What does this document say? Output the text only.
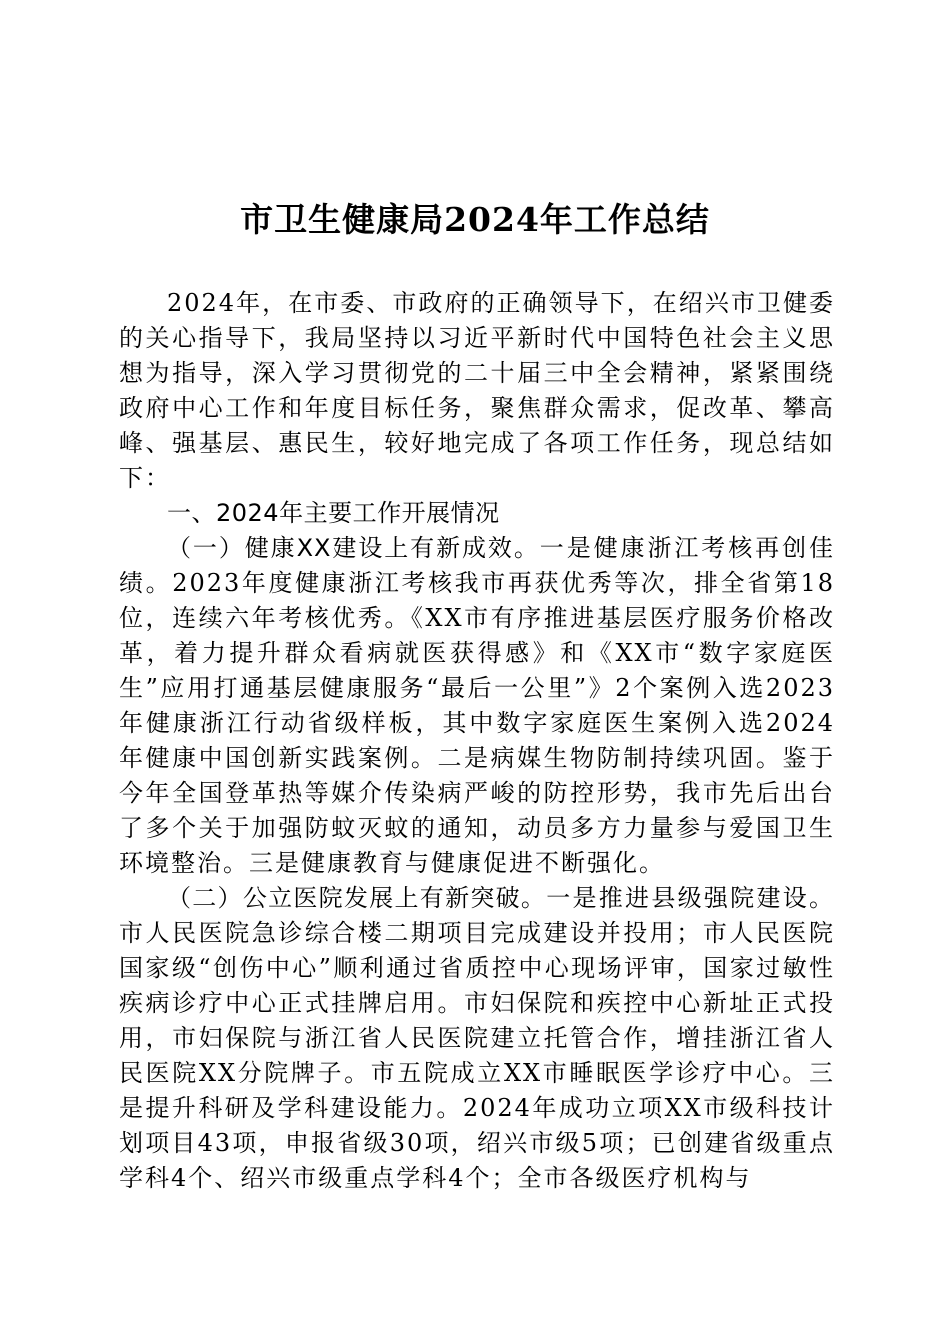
市卫生健康局2024年工作总结

2024年，在市委、市政府的正确领导下，在绍兴市卫健委的关心指导下，我局坚持以习近平新时代中国特色社会主义思想为指导，深入学习贯彻党的二十届三中全会精神，紧紧围绕政府中心工作和年度目标任务，聚焦群众需求，促改革、攀高峰、强基层、惠民生，较好地完成了各项工作任务，现总结如下：

一、2024年主要工作开展情况

（一）健康XX建设上有新成效。一是健康浙江考核再创佳绩。2023年度健康浙江考核我市再获优秀等次，排全省第18位，连续六年考核优秀。《XX市有序推进基层医疗服务价格改革，着力提升群众看病就医获得感》和《XX市“数字家庭医生”应用打通基层健康服务“最后一公里”》2个案例入选2023年健康浙江行动省级样板，其中数字家庭医生案例入选2024年健康中国创新实践案例。二是病媒生物防制持续巩固。鉴于今年全国登革热等媒介传染病严峻的防控形势，我市先后出台了多个关于加强防蚊灭蚊的通知，动员多方力量参与爱国卫生环境整治。三是健康教育与健康促进不断强化。

（二）公立医院发展上有新突破。一是推进县级强院建设。市人民医院急诊综合楼二期项目完成建设并投用；市人民医院国家级“创伤中心”顺利通过省质控中心现场评审，国家过敏性疾病诊疗中心正式挂牌启用。市妇保院和疾控中心新址正式投用，市妇保院与浙江省人民医院建立托管合作，增挂浙江省人民医院XX分院牌子。市五院成立XX市睡眠医学诊疗中心。三是提升科研及学科建设能力。2024年成功立项XX市级科技计划项目43项，申报省级30项，绍兴市级5项；已创建省级重点学科4个、绍兴市级重点学科4个；全市各级医疗机构与
